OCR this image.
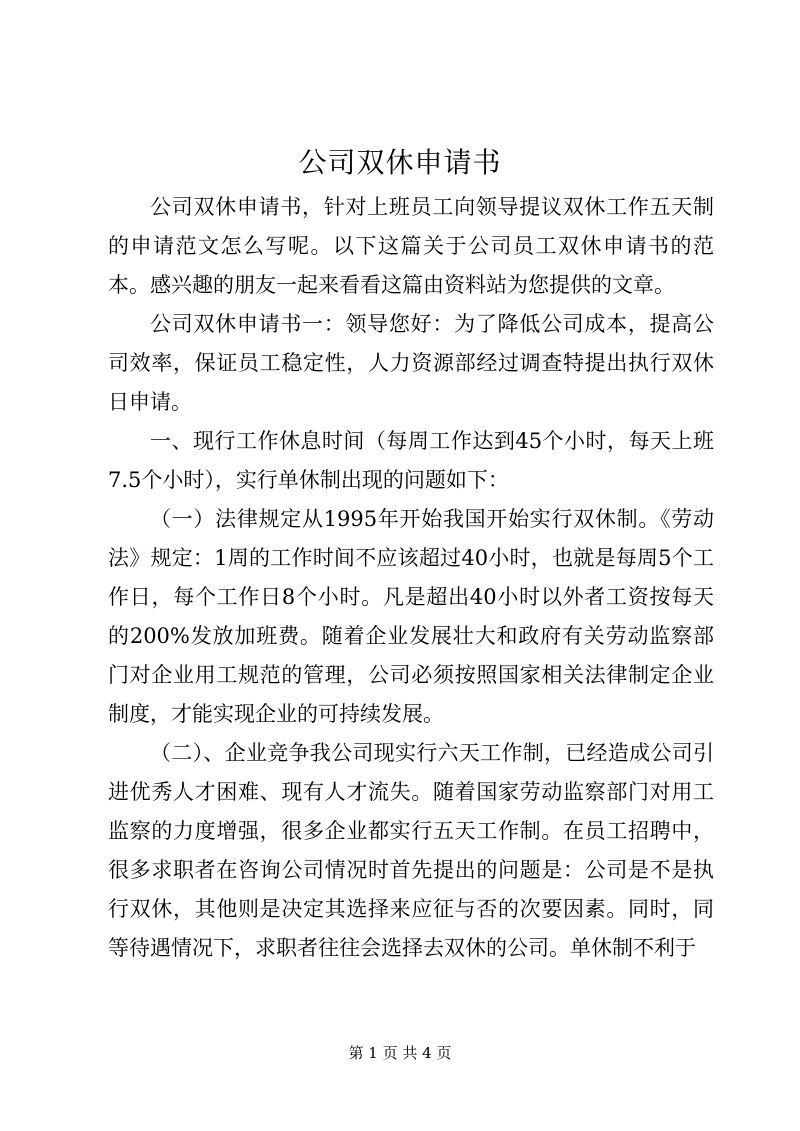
公司双休申请书

公司双休申请书，针对上班员工向领导提议双休工作五天制的申请范文怎么写呢。以下这篇关于公司员工双休申请书的范本。感兴趣的朋友一起来看看这篇由资料站为您提供的文章。

公司双休申请书一：领导您好：为了降低公司成本，提高公司效率，保证员工稳定性，人力资源部经过调查特提出执行双休日申请。

一、现行工作休息时间（每周工作达到45个小时，每天上班7.5个小时），实行单休制出现的问题如下：

（一）法律规定从1995年开始我国开始实行双休制。《劳动法》规定：1周的工作时间不应该超过40小时，也就是每周5个工作日，每个工作日8个小时。凡是超出40小时以外者工资按每天的200%发放加班费。随着企业发展壮大和政府有关劳动监察部门对企业用工规范的管理，公司必须按照国家相关法律制定企业制度，才能实现企业的可持续发展。

（二）、企业竞争我公司现实行六天工作制，已经造成公司引进优秀人才困难、现有人才流失。随着国家劳动监察部门对用工监察的力度增强，很多企业都实行五天工作制。在员工招聘中，很多求职者在咨询公司情况时首先提出的问题是：公司是不是执行双休，其他则是决定其选择来应征与否的次要因素。同时，同等待遇情况下，求职者往往会选择去双休的公司。单休制不利于

第 1 页 共 4 页
